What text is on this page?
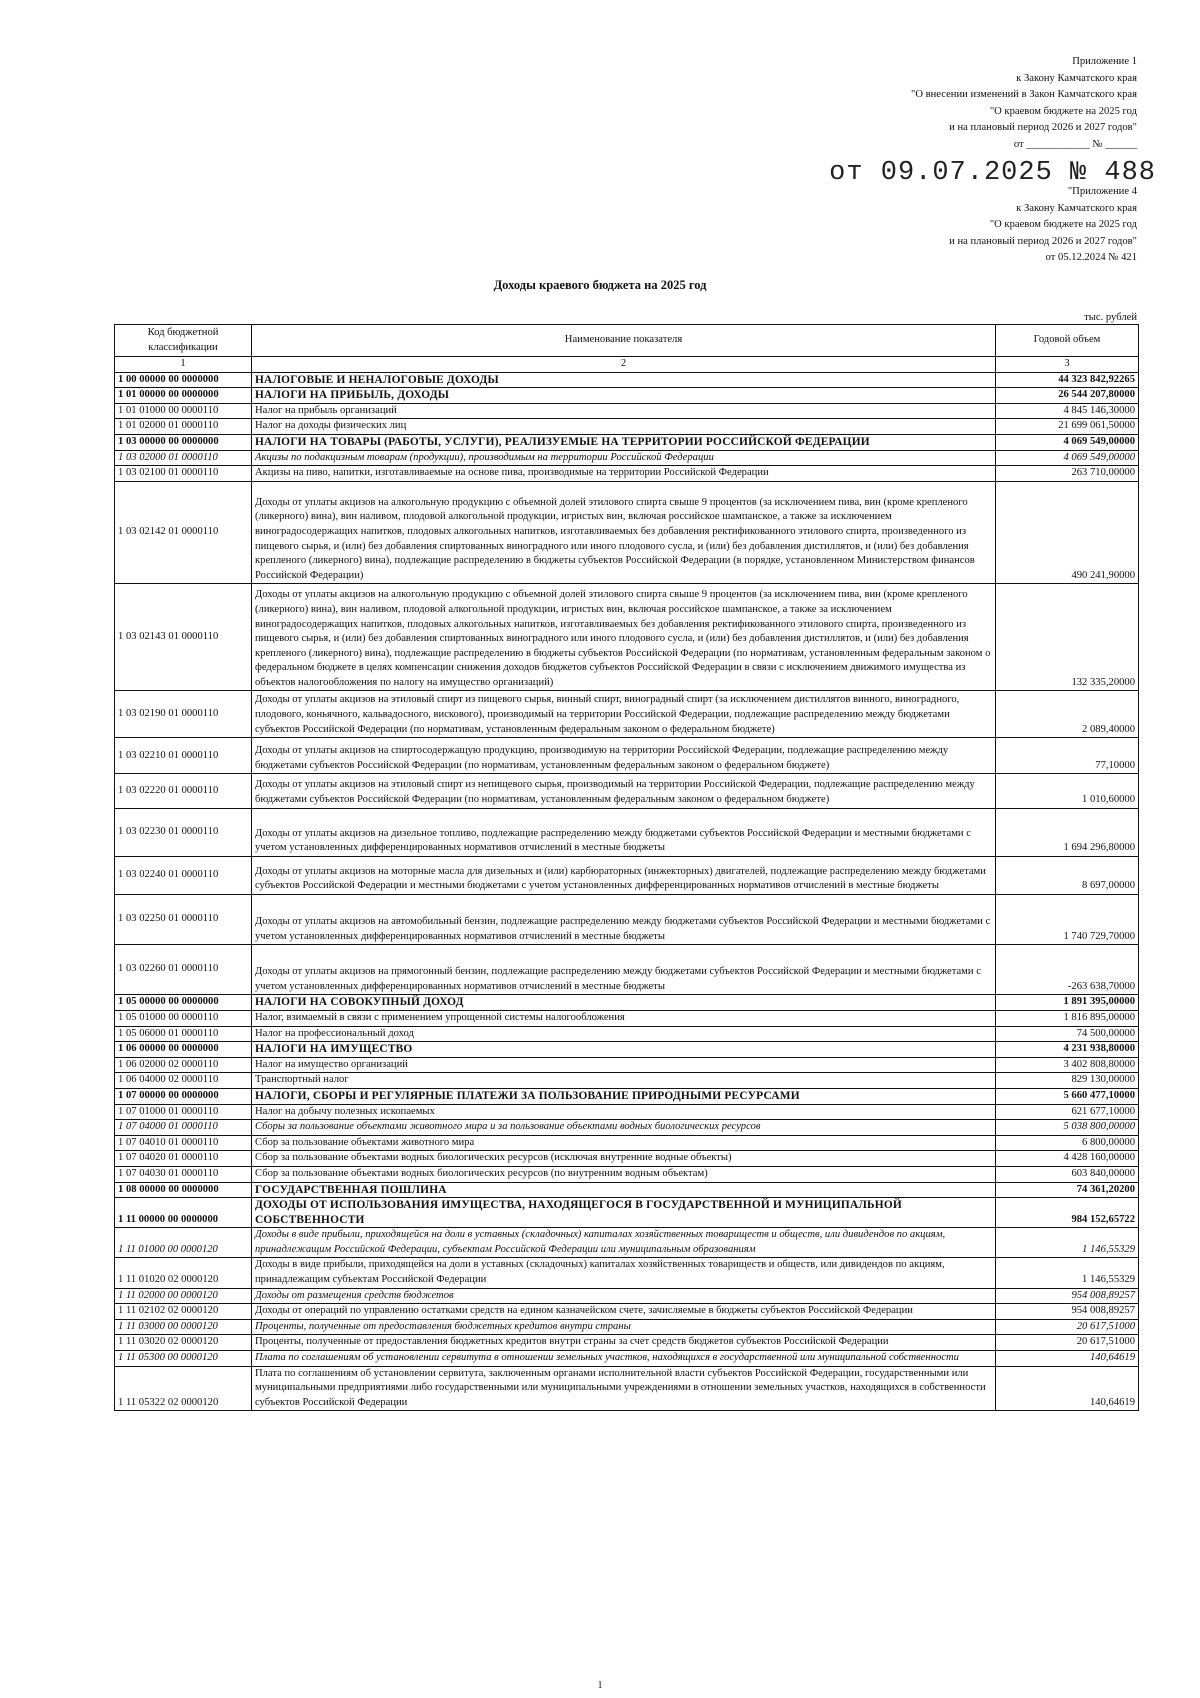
Приложение 1
к Закону Камчатского края
"О внесении изменений в Закон Камчатского края
"О краевом бюджете на 2025 год
и на плановый период 2026 и 2027 годов"
от ____________ № ______
от 09.07.2025 № 488
"Приложение 4
к Закону Камчатского края
"О краевом бюджете на 2025 год
и на плановый период 2026 и 2027 годов"
от 05.12.2024 № 421
Доходы краевого бюджета на 2025 год
тыс. рублей
Код бюджетной классификации	Наименование показателя	Годовой объем
1	2	3
1 00 00000 00 0000000	НАЛОГОВЫЕ И НЕНАЛОГОВЫЕ ДОХОДЫ	44 323 842,92265
1 01 00000 00 0000000	НАЛОГИ НА ПРИБЫЛЬ, ДОХОДЫ	26 544 207,80000
1 01 01000 00 0000110	Налог на прибыль организаций	4 845 146,30000
1 01 02000 01 0000110	Налог на доходы физических лиц	21 699 061,50000
1 03 00000 00 0000000	НАЛОГИ НА ТОВАРЫ (РАБОТЫ, УСЛУГИ), РЕАЛИЗУЕМЫЕ НА ТЕРРИТОРИИ РОССИЙСКОЙ ФЕДЕРАЦИИ	4 069 549,00000
1 03 02000 01 0000110	Акцизы по подакцизным товарам (продукции), производимым на территории Российской Федерации	4 069 549,00000
1 03 02100 01 0000110	Акцизы на пиво, напитки, изготавливаемые на основе пива, производимые на территории Российской Федерации	263 710,00000
1 03 02142 01 0000110	Доходы от уплаты акцизов на алкогольную продукцию с объемной долей этилового спирта свыше 9 процентов (за исключением пива, вин (кроме крепленого (ликерного) вина), вин наливом, плодовой алкогольной продукции, игристых вин, включая российское шампанское, а также за исключением виноградосодержащих напитков, плодовых алкогольных напитков, изготавливаемых без добавления ректификованного этилового спирта, произведенного из пищевого сырья, и (или) без добавления спиртованных виноградного или иного плодового сусла, и (или) без добавления дистиллятов, и (или) без добавления крепленого (ликерного) вина), подлежащие распределению в бюджеты субъектов Российской Федерации (в порядке, установленном Министерством финансов Российской Федерации)	490 241,90000
1 03 02143 01 0000110	Доходы от уплаты акцизов на алкогольную продукцию с объемной долей этилового спирта свыше 9 процентов (за исключением пива, вин (кроме крепленого (ликерного) вина), вин наливом, плодовой алкогольной продукции, игристых вин, включая российское шампанское, а также за исключением виноградосодержащих напитков, плодовых алкогольных напитков, изготавливаемых без добавления ректификованного этилового спирта, произведенного из пищевого сырья, и (или) без добавления спиртованных виноградного или иного плодового сусла, и (или) без добавления дистиллятов, и (или) без добавления крепленого (ликерного) вина), подлежащие распределению в бюджеты субъектов Российской Федерации (по нормативам, установленным федеральным законом о федеральном бюджете в целях компенсации снижения доходов бюджетов субъектов Российской Федерации в связи с исключением движимого имущества из объектов налогообложения по налогу на имущество организаций)	132 335,20000
1 03 02190 01 0000110	Доходы от уплаты акцизов на этиловый спирт из пищевого сырья, винный спирт, виноградный спирт (за исключением дистиллятов винного, виноградного, плодового, коньячного, кальвадосного, вискового), производимый на территории Российской Федерации, подлежащие распределению между бюджетами субъектов Российской Федерации (по нормативам, установленным федеральным законом о федеральном бюджете)	2 089,40000
1 03 02210 01 0000110	Доходы от уплаты акцизов на спиртосодержащую продукцию, производимую на территории Российской Федерации, подлежащие распределению между бюджетами субъектов Российской Федерации (по нормативам, установленным федеральным законом о федеральном бюджете)	77,10000
1 03 02220 01 0000110	Доходы от уплаты акцизов на этиловый спирт из непищевого сырья, производимый на территории Российской Федерации, подлежащие распределению между бюджетами субъектов Российской Федерации (по нормативам, установленным федеральным законом о федеральном бюджете)	1 010,60000
1 03 02230 01 0000110	Доходы от уплаты акцизов на дизельное топливо, подлежащие распределению между бюджетами субъектов Российской Федерации и местными бюджетами с учетом установленных дифференцированных нормативов отчислений в местные бюджеты	1 694 296,80000
1 03 02240 01 0000110	Доходы от уплаты акцизов на моторные масла для дизельных и (или) карбюраторных (инжекторных) двигателей, подлежащие распределению между бюджетами субъектов Российской Федерации и местными бюджетами с учетом установленных дифференцированных нормативов отчислений в местные бюджеты	8 697,00000
1 03 02250 01 0000110	Доходы от уплаты акцизов на автомобильный бензин, подлежащие распределению между бюджетами субъектов Российской Федерации и местными бюджетами с учетом установленных дифференцированных нормативов отчислений в местные бюджеты	1 740 729,70000
1 03 02260 01 0000110	Доходы от уплаты акцизов на прямогонный бензин, подлежащие распределению между бюджетами субъектов Российской Федерации и местными бюджетами с учетом установленных дифференцированных нормативов отчислений в местные бюджеты	-263 638,70000
1 05 00000 00 0000000	НАЛОГИ НА СОВОКУПНЫЙ ДОХОД	1 891 395,00000
1 05 01000 00 0000110	Налог, взимаемый в связи с применением упрощенной системы налогообложения	1 816 895,00000
1 05 06000 01 0000110	Налог на профессиональный доход	74 500,00000
1 06 00000 00 0000000	НАЛОГИ НА ИМУЩЕСТВО	4 231 938,80000
1 06 02000 02 0000110	Налог на имущество организаций	3 402 808,80000
1 06 04000 02 0000110	Транспортный налог	829 130,00000
1 07 00000 00 0000000	НАЛОГИ, СБОРЫ И РЕГУЛЯРНЫЕ ПЛАТЕЖИ ЗА ПОЛЬЗОВАНИЕ ПРИРОДНЫМИ РЕСУРСАМИ	5 660 477,10000
1 07 01000 01 0000110	Налог на добычу полезных ископаемых	621 677,10000
1 07 04000 01 0000110	Сборы за пользование объектами животного мира и за пользование объектами водных биологических ресурсов	5 038 800,00000
1 07 04010 01 0000110	Сбор за пользование объектами животного мира	6 800,00000
1 07 04020 01 0000110	Сбор за пользование объектами водных биологических ресурсов (исключая внутренние водные объекты)	4 428 160,00000
1 07 04030 01 0000110	Сбор за пользование объектами водных биологических ресурсов (по внутренним водным объектам)	603 840,00000
1 08 00000 00 0000000	ГОСУДАРСТВЕННАЯ ПОШЛИНА	74 361,20200
1 11 00000 00 0000000	ДОХОДЫ ОТ ИСПОЛЬЗОВАНИЯ ИМУЩЕСТВА, НАХОДЯЩЕГОСЯ В ГОСУДАРСТВЕННОЙ И МУНИЦИПАЛЬНОЙ СОБСТВЕННОСТИ	984 152,65722
1 11 01000 00 0000120	Доходы в виде прибыли, приходящейся на доли в уставных (складочных) капиталах хозяйственных товариществ и обществ, или дивидендов по акциям, принадлежащим Российской Федерации, субъектам Российской Федерации или муниципальным образованиям	1 146,55329
1 11 01020 02 0000120	Доходы в виде прибыли, приходящейся на доли в уставных (складочных) капиталах хозяйственных товариществ и обществ, или дивидендов по акциям, принадлежащим субъектам Российской Федерации	1 146,55329
1 11 02000 00 0000120	Доходы от размещения средств бюджетов	954 008,89257
1 11 02102 02 0000120	Доходы от операций по управлению остатками средств на едином казначейском счете, зачисляемые в бюджеты субъектов Российской Федерации	954 008,89257
1 11 03000 00 0000120	Проценты, полученные от предоставления бюджетных кредитов внутри страны	20 617,51000
1 11 03020 02 0000120	Проценты, полученные от предоставления бюджетных кредитов внутри страны за счет средств бюджетов субъектов Российской Федерации	20 617,51000
1 11 05300 00 0000120	Плата по соглашениям об установлении сервитута в отношении земельных участков, находящихся в государственной или муниципальной собственности	140,64619
1 11 05322 02 0000120	Плата по соглашениям об установлении сервитута, заключенным органами исполнительной власти субъектов Российской Федерации, государственными или муниципальными предприятиями либо государственными или муниципальными учреждениями в отношении земельных участков, находящихся в собственности субъектов Российской Федерации	140,64619
1
